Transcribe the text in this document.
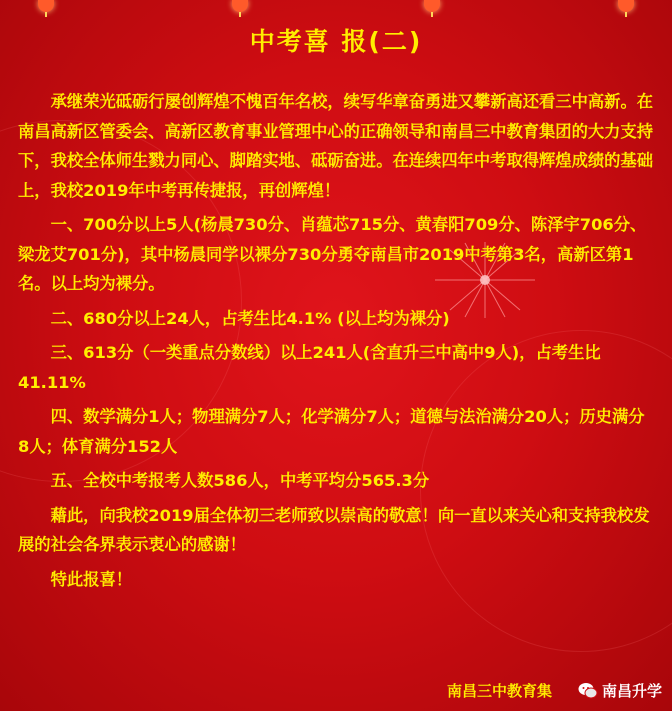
中考喜 报(二)

承继荣光砥砺行屡创辉煌不愧百年名校，续写华章奋勇进又攀新高还看三中高新。在南昌高新区管委会、高新区教育事业管理中心的正确领导和南昌三中教育集团的大力支持下，我校全体师生戮力同心、脚踏实地、砥砺奋进。在连续四年中考取得辉煌成绩的基础上，我校2019年中考再传捷报，再创辉煌！

一、700分以上5人(杨晨730分、肖蕴芯715分、黄春阳709分、陈泽宇706分、梁龙艾701分)，其中杨晨同学以裸分730分勇夺南昌市2019中考第3名，高新区第1名。以上均为裸分。

二、680分以上24人，占考生比4.1% (以上均为裸分)

三、613分（一类重点分数线）以上241人(含直升三中高中9人)，占考生比41.11%

四、数学满分1人；物理满分7人；化学满分7人；道德与法治满分20人；历史满分8人；体育满分152人

五、全校中考报考人数586人，中考平均分565.3分

藉此，向我校2019届全体初三老师致以崇高的敬意！向一直以来关心和支持我校发展的社会各界表示衷心的感谢！

特此报喜！

南昌三中教育集	南昌升学
